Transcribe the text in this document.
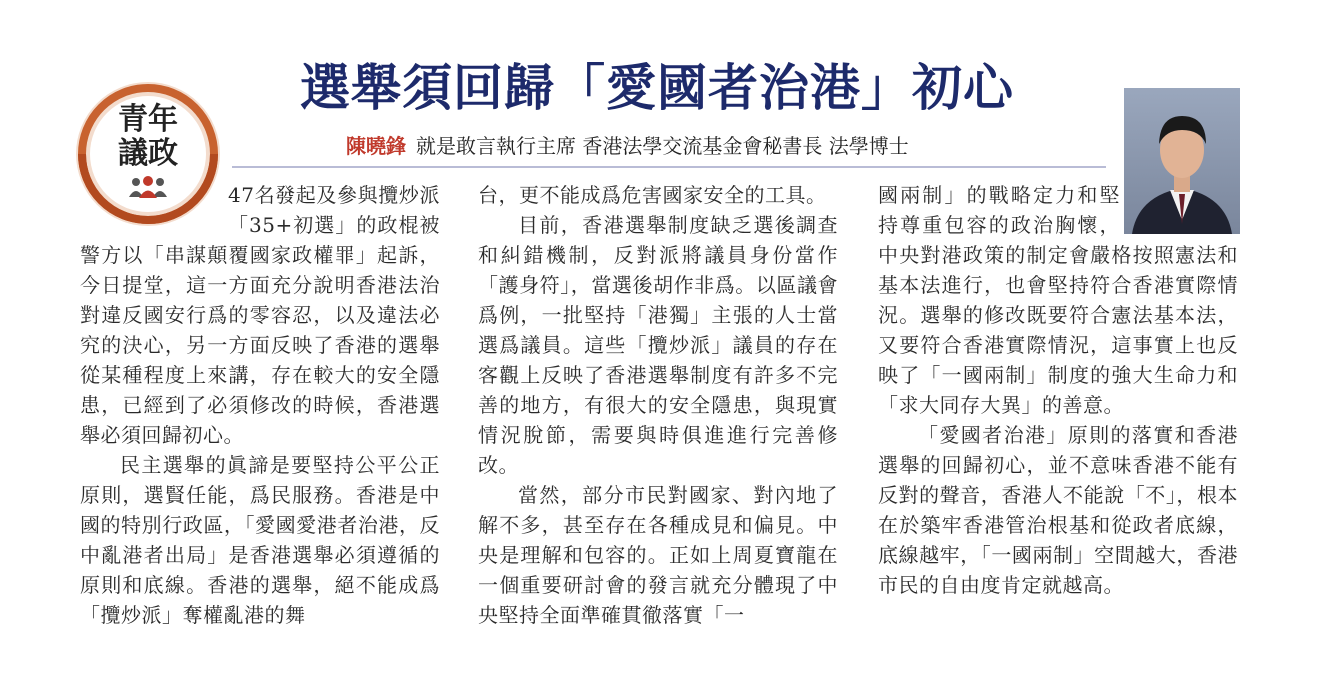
選舉須回歸「愛國者治港」初心
陳曉鋒 就是敢言執行主席 香港法學交流基金會秘書長 法學博士
青年
議政

47名發起及參與攬炒派「35+初選」的政棍被警方以「串謀顛覆國家政權罪」起訴，今日提堂，這一方面充分說明香港法治對違反國安行爲的零容忍，以及違法必究的決心，另一方面反映了香港的選舉從某種程度上來講，存在較大的安全隱患，已經到了必須修改的時候，香港選舉必須回歸初心。

民主選舉的眞諦是要堅持公平公正原則，選賢任能，爲民服務。香港是中國的特別行政區，「愛國愛港者治港，反中亂港者出局」是香港選舉必須遵循的原則和底線。香港的選舉，絕不能成爲「攬炒派」奪權亂港的舞

台，更不能成爲危害國家安全的工具。

目前，香港選舉制度缺乏選後調查和糾錯機制，反對派將議員身份當作「護身符」，當選後胡作非爲。以區議會爲例，一批堅持「港獨」主張的人士當選爲議員。這些「攬炒派」議員的存在客觀上反映了香港選舉制度有許多不完善的地方，有很大的安全隱患，與現實情況脫節，需要與時俱進進行完善修改。

當然，部分市民對國家、對內地了解不多，甚至存在各種成見和偏見。中央是理解和包容的。正如上周夏寶龍在一個重要研討會的發言就充分體現了中央堅持全面準確貫徹落實「一

國兩制」的戰略定力和堅持尊重包容的政治胸懷，中央對港政策的制定會嚴格按照憲法和基本法進行，也會堅持符合香港實際情況。選舉的修改既要符合憲法基本法，又要符合香港實際情況，這事實上也反映了「一國兩制」制度的強大生命力和「求大同存大異」的善意。

「愛國者治港」原則的落實和香港選舉的回歸初心，並不意味香港不能有反對的聲音，香港人不能說「不」，根本在於築牢香港管治根基和從政者底線，底線越牢，「一國兩制」空間越大，香港市民的自由度肯定就越高。
